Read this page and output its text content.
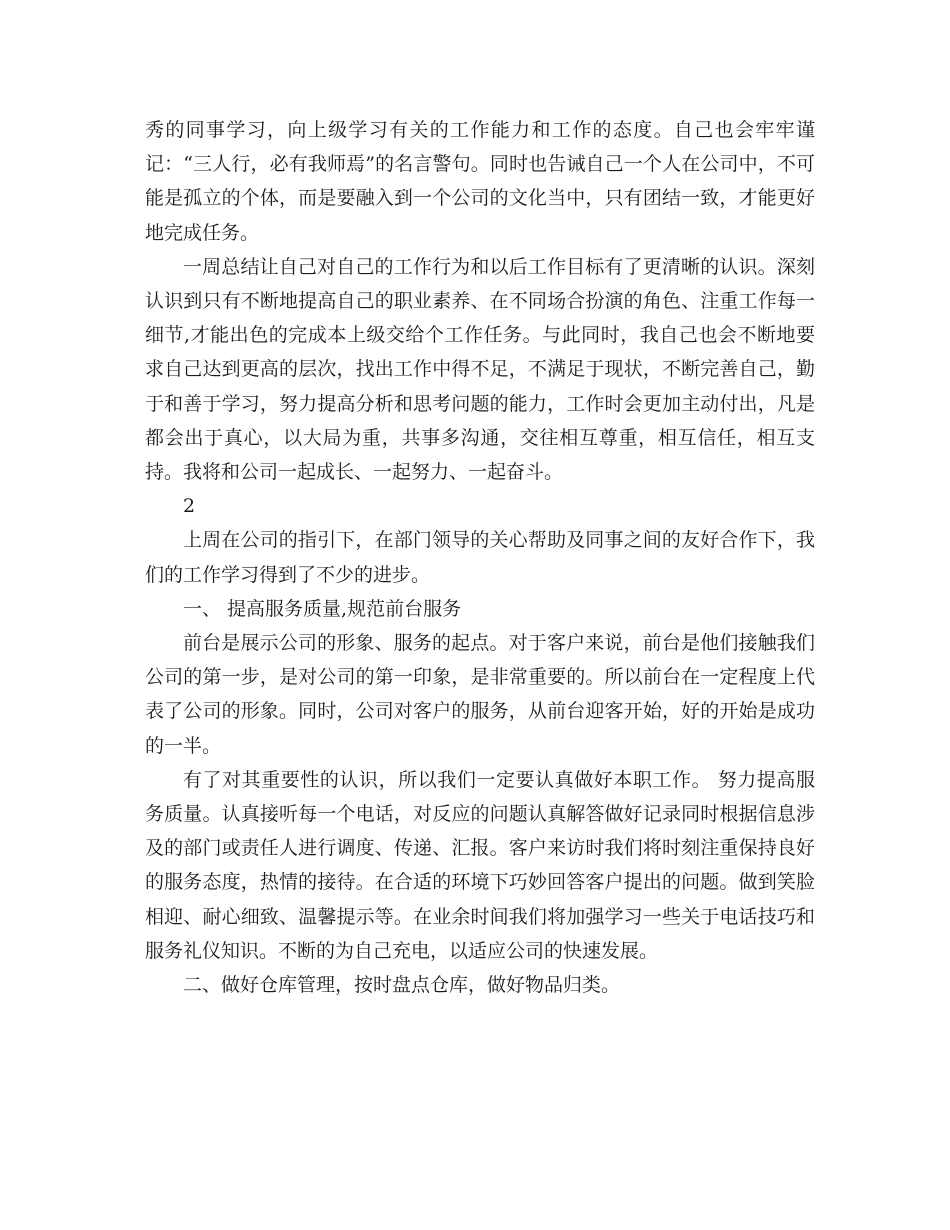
秀的同事学习，向上级学习有关的工作能力和工作的态度。自己也会牢牢谨记：“三人行，必有我师焉”的名言警句。同时也告诫自己一个人在公司中，不可能是孤立的个体，而是要融入到一个公司的文化当中，只有团结一致，才能更好地完成任务。

一周总结让自己对自己的工作行为和以后工作目标有了更清晰的认识。深刻认识到只有不断地提高自己的职业素养、在不同场合扮演的角色、注重工作每一细节,才能出色的完成本上级交给个工作任务。与此同时，我自己也会不断地要求自己达到更高的层次，找出工作中得不足，不满足于现状，不断完善自己，勤于和善于学习，努力提高分析和思考问题的能力，工作时会更加主动付出，凡是都会出于真心，以大局为重，共事多沟通，交往相互尊重，相互信任，相互支持。我将和公司一起成长、一起努力、一起奋斗。

2

上周在公司的指引下，在部门领导的关心帮助及同事之间的友好合作下，我们的工作学习得到了不少的进步。

一、 提高服务质量,规范前台服务

前台是展示公司的形象、服务的起点。对于客户来说，前台是他们接触我们公司的第一步，是对公司的第一印象，是非常重要的。所以前台在一定程度上代表了公司的形象。同时，公司对客户的服务，从前台迎客开始，好的开始是成功的一半。

有了对其重要性的认识，所以我们一定要认真做好本职工作。 努力提高服务质量。认真接听每一个电话，对反应的问题认真解答做好记录同时根据信息涉及的部门或责任人进行调度、传递、汇报。客户来访时我们将时刻注重保持良好的服务态度，热情的接待。在合适的环境下巧妙回答客户提出的问题。做到笑脸相迎、耐心细致、温馨提示等。在业余时间我们将加强学习一些关于电话技巧和服务礼仪知识。不断的为自己充电，以适应公司的快速发展。

二、做好仓库管理，按时盘点仓库，做好物品归类。
